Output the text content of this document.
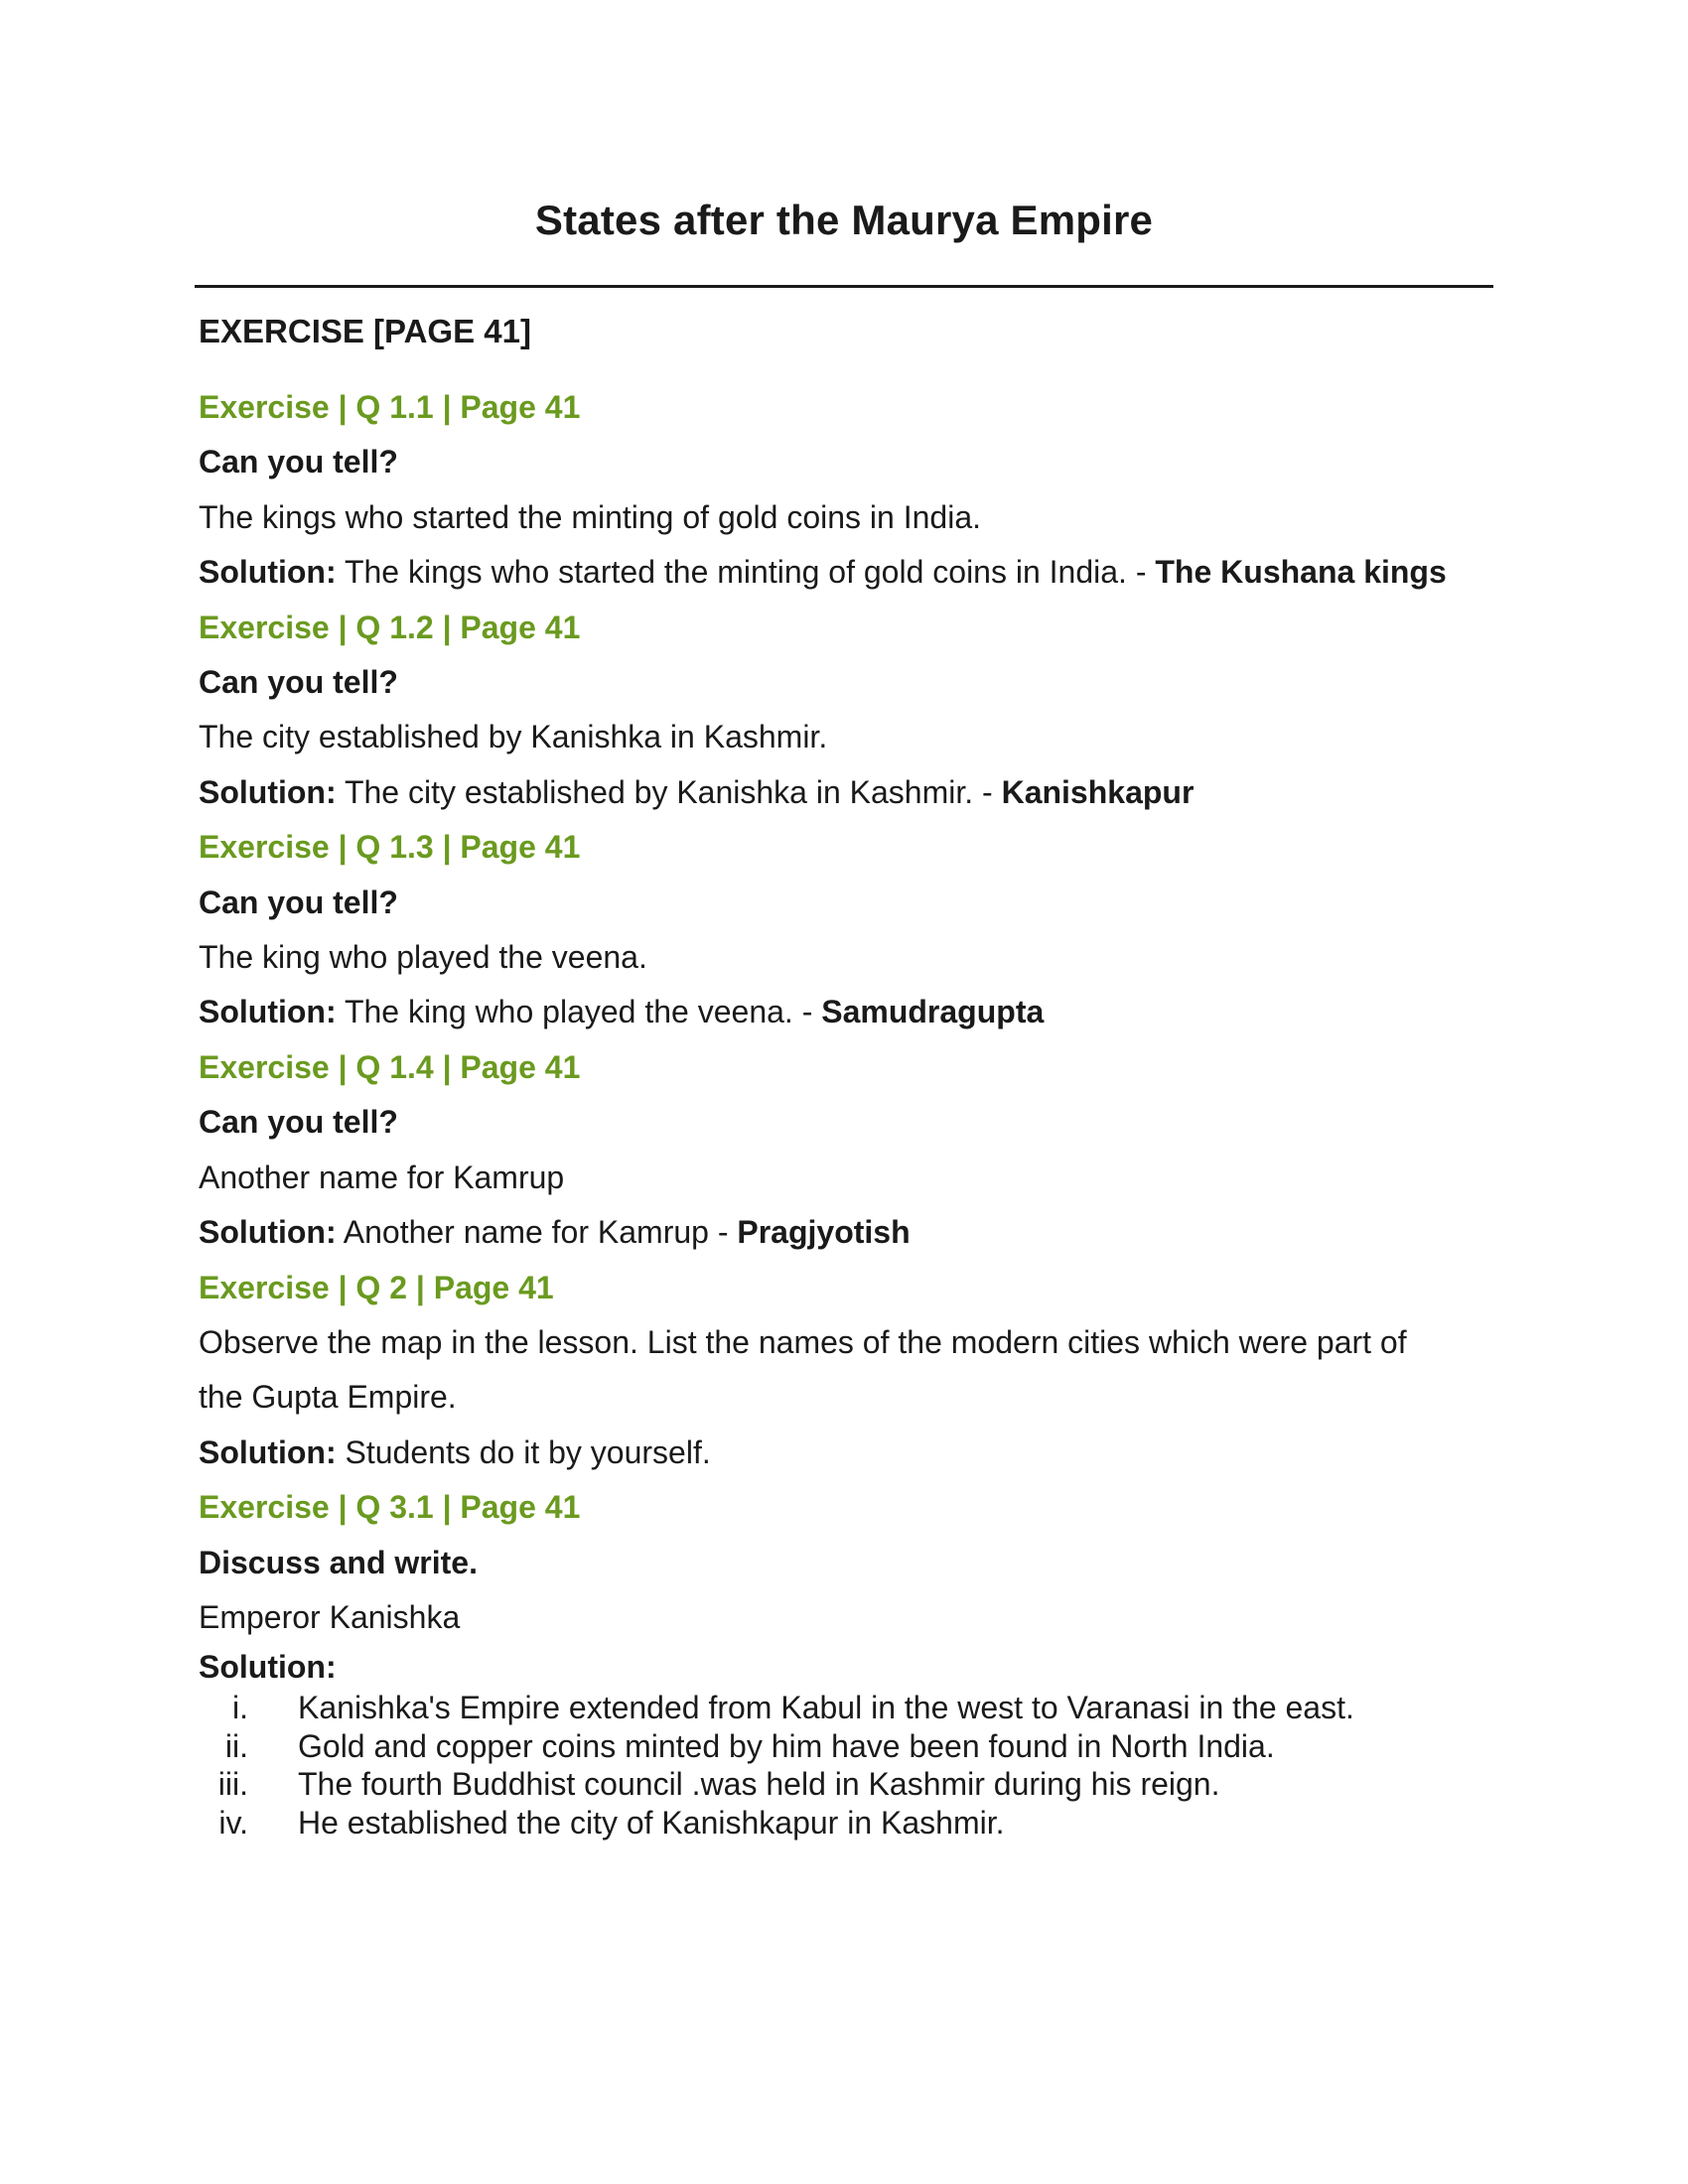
States after the Maurya Empire
EXERCISE [PAGE 41]

Exercise | Q 1.1 | Page 41

Can you tell?

The kings who started the minting of gold coins in India.

Solution: The kings who started the minting of gold coins in India. - The Kushana kings

Exercise | Q 1.2 | Page 41

Can you tell?

The city established by Kanishka in Kashmir.

Solution: The city established by Kanishka in Kashmir. - Kanishkapur

Exercise | Q 1.3 | Page 41

Can you tell?

The king who played the veena.

Solution: The king who played the veena. - Samudragupta

Exercise | Q 1.4 | Page 41

Can you tell?

Another name for Kamrup

Solution: Another name for Kamrup - Pragjyotish

Exercise | Q 2 | Page 41

Observe the map in the lesson. List the names of the modern cities which were part of

the Gupta Empire.

Solution: Students do it by yourself.

Exercise | Q 3.1 | Page 41

Discuss and write.

Emperor Kanishka

Solution:

i. Kanishka's Empire extended from Kabul in the west to Varanasi in the east.
ii. Gold and copper coins minted by him have been found in North India.
iii. The fourth Buddhist council .was held in Kashmir during his reign.
iv. He established the city of Kanishkapur in Kashmir.
